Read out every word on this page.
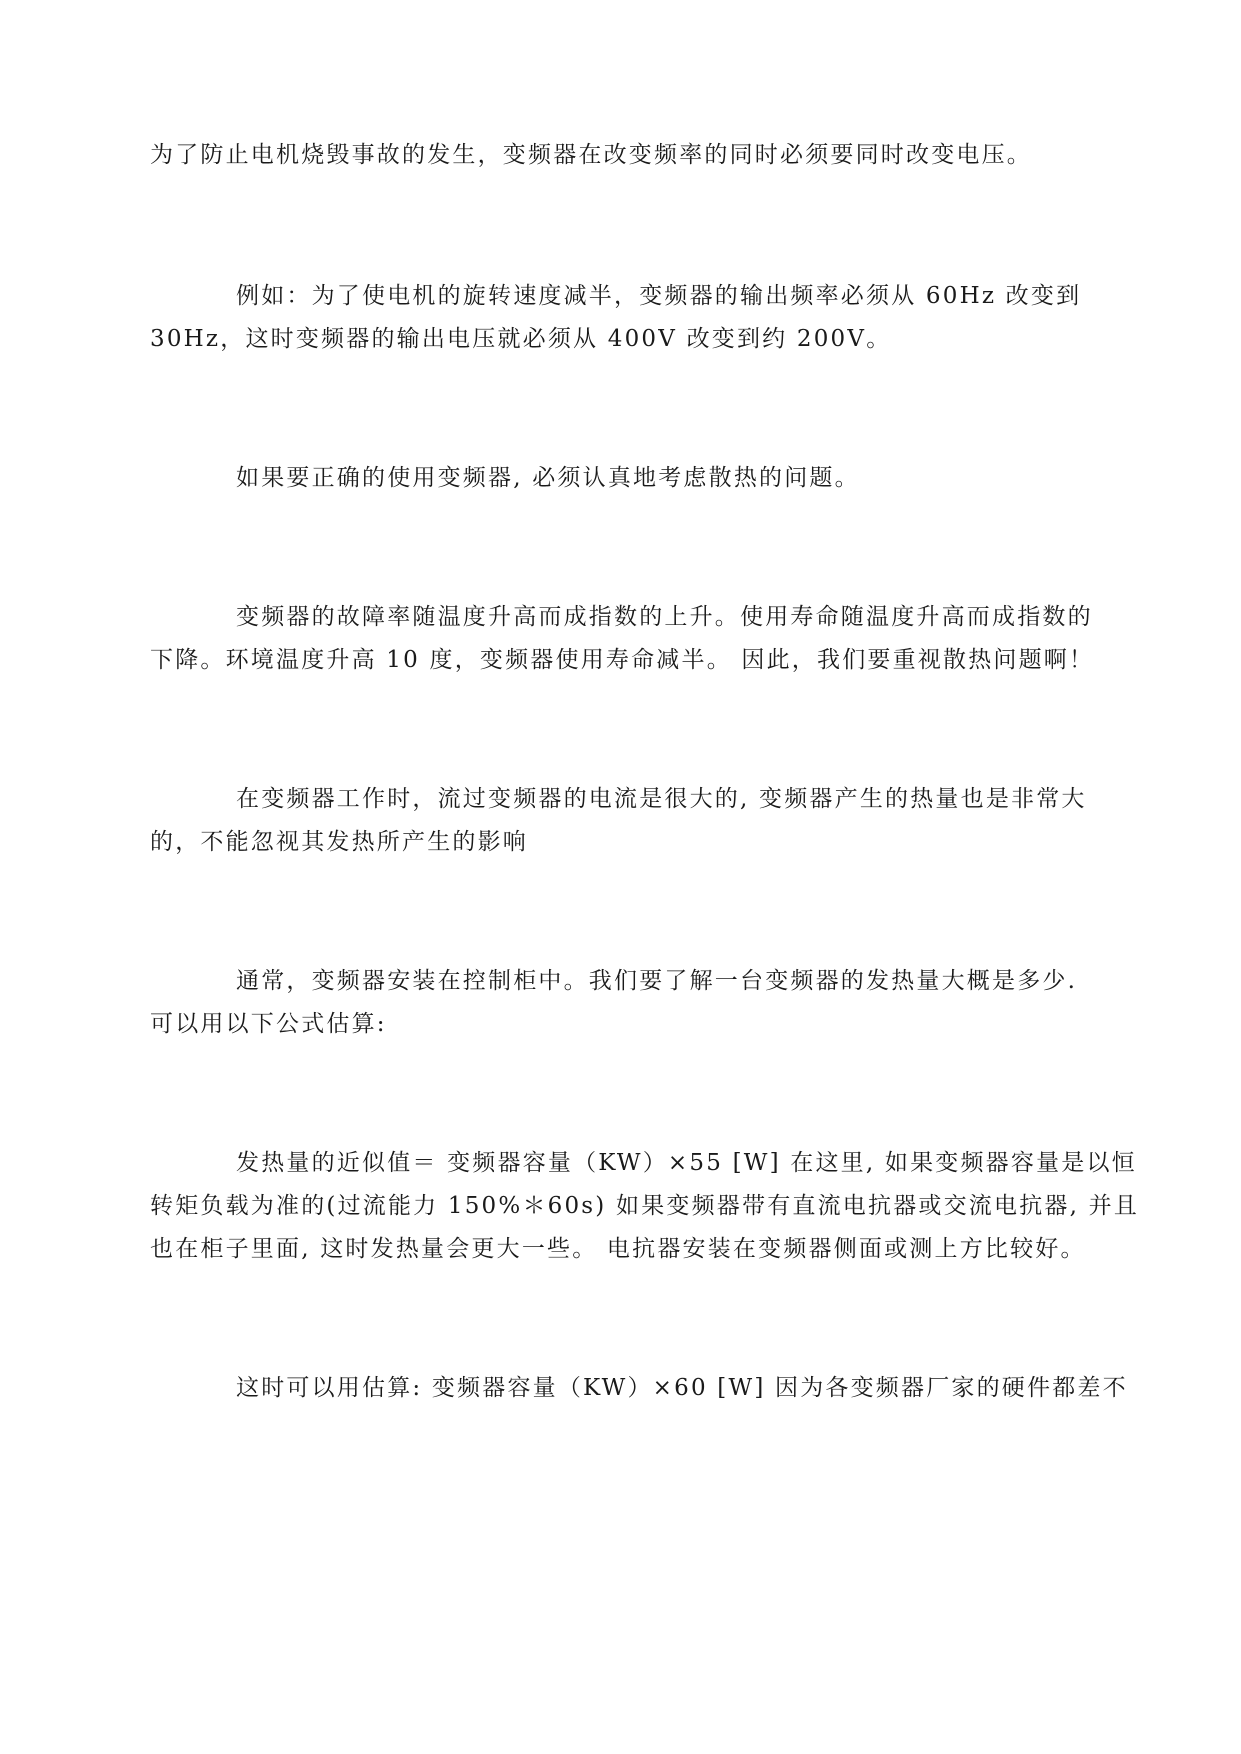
为了防止电机烧毁事故的发生，变频器在改变频率的同时必须要同时改变电压。

例如：为了使电机的旋转速度减半，变频器的输出频率必须从 60Hz 改变到

30Hz，这时变频器的输出电压就必须从 400V 改变到约 200V。

如果要正确的使用变频器, 必须认真地考虑散热的问题。

变频器的故障率随温度升高而成指数的上升。使用寿命随温度升高而成指数的

下降。环境温度升高 10 度，变频器使用寿命减半。 因此，我们要重视散热问题啊！

在变频器工作时，流过变频器的电流是很大的, 变频器产生的热量也是非常大

的，不能忽视其发热所产生的影响

通常，变频器安装在控制柜中。我们要了解一台变频器的发热量大概是多少.

可以用以下公式估算:

发热量的近似值＝ 变频器容量（KW）×55 [W] 在这里, 如果变频器容量是以恒

转矩负载为准的(过流能力 150%＊60s) 如果变频器带有直流电抗器或交流电抗器, 并且

也在柜子里面, 这时发热量会更大一些。 电抗器安装在变频器侧面或测上方比较好。

这时可以用估算: 变频器容量（KW）×60 [W] 因为各变频器厂家的硬件都差不
